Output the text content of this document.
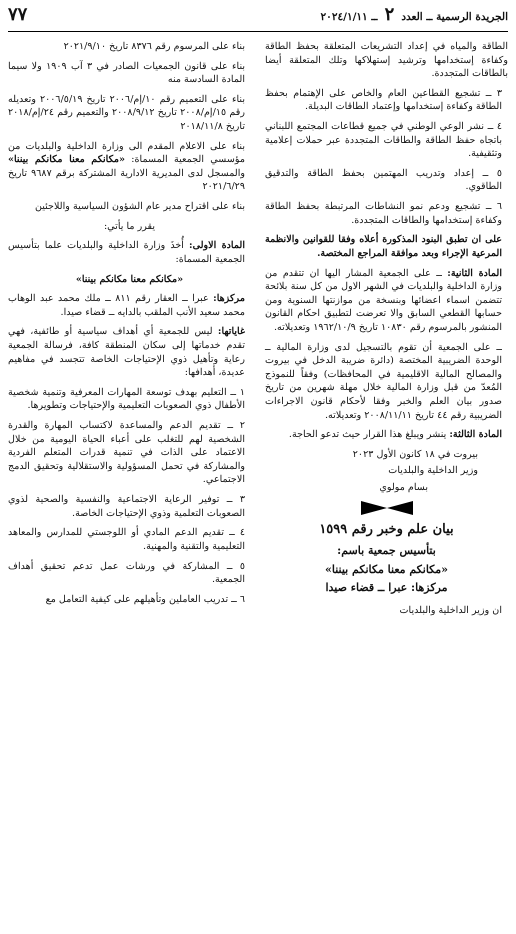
الجريدة الرسمية ــ العدد ٢ ــ ٢٠٢٤/١/١١
٧٧

الطاقة والمياه في إعداد التشريعات المتعلقة بحفظ الطاقة وكفاءة إستخدامها وترشيد إستهلاكها وتلك المتعلقة أيضا بالطاقات المتجددة.

٣ ــ تشجيع القطاعين العام والخاص على الإهتمام بحفظ الطاقة وكفاءة إستخدامها وإعتماد الطاقات البديلة.

٤ ــ نشر الوعي الوطني في جميع قطاعات المجتمع اللبناني باتجاه حفظ الطاقة والطاقات المتجددة عبر حملات إعلامية وتثقيفية.

٥ ــ إعداد وتدريب المهتمين بحفظ الطاقة والتدقيق الطاقوي.

٦ ــ تشجيع ودعم نمو النشاطات المرتبطة بحفظ الطاقة وكفاءة إستخدامها والطاقات المتجددة.

على ان تطبق البنود المذكورة أعلاه وفقا للقوانين والانظمة المرعية الإجراء وبعد موافقة المراجع المختصة.

المادة الثانية: ــ على الجمعية المشار اليها ان تتقدم من وزارة الداخلية والبلديات في الشهر الاول من كل سنة بلائحة تتضمن اسماء اعضائها وبنسخة من موازنتها السنوية ومن حسابها القطعي السابق والا تعرضت لتطبيق احكام القانون المنشور بالمرسوم رقم ١٠٨٣٠ تاريخ ١٩٦٢/١٠/٩ وتعديلاته.

ــ على الجمعية أن تقوم بالتسجيل لدى وزارة المالية ــ الوحدة الضريبية المختصة (دائرة ضريبة الدخل في بيروت والمصالح المالية الاقليمية في المحافظات) وفقاً للنموذج المُعدّ من قبل وزارة المالية خلال مهلة شهرين من تاريخ صدور بيان العلم والخبر وفقا لأحكام قانون الاجراءات الضريبية رقم ٤٤ تاريخ ٢٠٠٨/١١/١١ وتعديلاته.

المادة الثالثة: ينشر ويبلغ هذا القرار حيث تدعو الحاجة.

بيروت في ١٨ كانون الأول ٢٠٢٣

وزير الداخلية والبلديات

بسام مولوي

بيان علم وخبر رقم ١٥٩٩
بتأسيس جمعية باسم:
«مكانكم معنا مكانكم بيننا»
مركزها: عبرا ــ قضاء صيدا

ان وزير الداخلية والبلديات

بناء على المرسوم رقم ٨٣٧٦ تاريخ ٢٠٢١/٩/١٠

بناء على قانون الجمعيات الصادر في ٣ آب ١٩٠٩ ولا سيما المادة السادسة منه

بناء على التعميم رقم ١٠/إم/٢٠٠٦ تاريخ ٢٠٠٦/٥/١٩ وتعديله رقم ١٥/إم/٢٠٠٨ تاريخ ٢٠٠٨/٩/١٢ والتعميم رقم ٢٤/إم/٢٠١٨ تاريخ ٢٠١٨/١١/٨

بناء على الاعلام المقدم الى وزارة الداخلية والبلديات من مؤسسي الجمعية المسماة: «مكانكم معنا مكانكم بيننا» والمسجل لدى المديرية الادارية المشتركة برقم ٩٦٨٧ تاريخ ٢٠٢١/٦/٢٩

بناء على اقتراح مدير عام الشؤون السياسية واللاجئين

يقرر ما يأتي:

المادة الاولى: أُخذَ وزارة الداخلية والبلديات علما بتأسيس الجمعية المسماة:

«مكانكم معنا مكانكم بيننا»

مركزها: عبرا ــ العقار رقم ٨١١ ــ ملك محمد عبد الوهاب محمد سعيد الأنب الملقب بالدايه ــ قضاء صيدا.

غاياتها: ليس للجمعية أي أهداف سياسية أو طائفية، فهي تقدم خدماتها إلى سكان المنطقة كافة، فرسالة الجمعية رعاية وتأهيل ذوي الإحتياجات الخاصة تتجسد في مفاهيم عديدة، أهدافها:

١ ــ التعليم بهدف توسعة المهارات المعرفية وتنمية شخصية الأطفال ذوي الصعوبات التعليمية والإحتياجات وتطويرها.

٢ ــ تقديم الدعم والمساعدة لاكتساب المهارة والقدرة الشخصية لهم للتغلب على أعباء الحياة اليومية من خلال الاعتماد على الذات في تنمية قدرات المتعلم الفردية والمشاركة في تحمل المسؤولية والاستقلالية وتحقيق الدمج الاجتماعي.

٣ ــ توفير الرعاية الاجتماعية والنفسية والصحية لذوي الصعوبات التعلمية وذوي الإحتياجات الخاصة.

٤ ــ تقديم الدعم المادي أو اللوجستي للمدارس والمعاهد التعليمية والتقنية والمهنية.

٥ ــ المشاركة في ورشات عمل تدعم تحقيق أهداف الجمعية.

٦ ــ تدريب العاملين وتأهيلهم على كيفية التعامل مع
